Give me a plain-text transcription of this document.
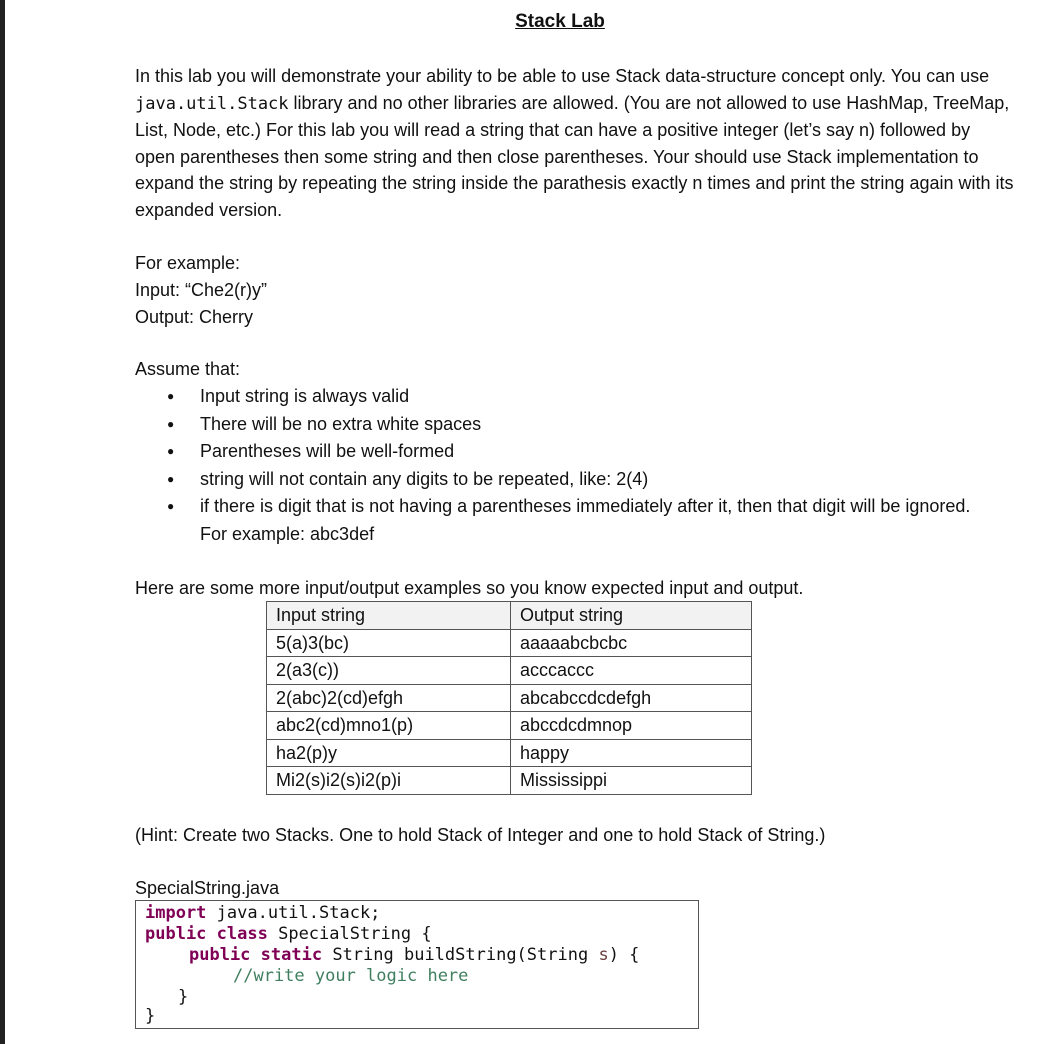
Stack Lab

In this lab you will demonstrate your ability to be able to use Stack data-structure concept only. You can use java.util.Stack library and no other libraries are allowed. (You are not allowed to use HashMap, TreeMap, List, Node, etc.) For this lab you will read a string that can have a positive integer (let’s say n) followed by open parentheses then some string and then close parentheses. Your should use Stack implementation to expand the string by repeating the string inside the parathesis exactly n times and print the string again with its expanded version.

For example:
Input: “Che2(r)y”
Output: Cherry
Assume that:
● Input string is always valid
● There will be no extra white spaces
● Parentheses will be well-formed
● string will not contain any digits to be repeated, like: 2(4)
● if there is digit that is not having a parentheses immediately after it, then that digit will be ignored. For example: abc3def
Here are some more input/output examples so you know expected input and output.
Input string	Output string
5(a)3(bc)	aaaaabcbcbc
2(a3(c))	acccaccc
2(abc)2(cd)efgh	abcabccdcdefgh
abc2(cd)mno1(p)	abccdcdmnop
ha2(p)y	happy
Mi2(s)i2(s)i2(p)i	Mississippi
(Hint: Create two Stacks. One to hold Stack of Integer and one to hold Stack of String.)
SpecialString.java
import java.util.Stack;
public class SpecialString {
public static String buildString(String s) {
//write your logic here
}
}
